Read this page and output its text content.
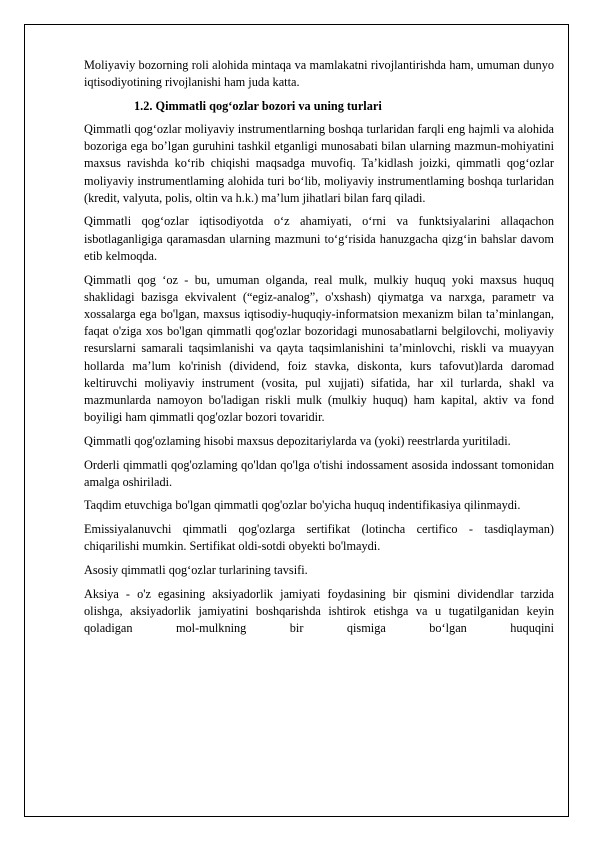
Moliyaviy bozorning roli alohida mintaqa va mamlakatni rivojlantirishda ham, umuman dunyo iqtisodiyotining rivojlanishi ham juda katta.

1.2. Qimmatli qog‘ozlar bozori va uning turlari

Qimmatli qog‘ozlar moliyaviy instrumentlarning boshqa turlaridan farqli eng hajmli va alohida bozoriga ega bo’lgan guruhini tashkil etganligi munosabati bilan ularning mazmun-mohiyatini maxsus ravishda ko‘rib chiqishi maqsadga muvofiq. Ta’kidlash joizki, qimmatli qog‘ozlar moliyaviy instrumentlaming alohida turi bo‘lib, moliyaviy instrumentlaming boshqa turlaridan (kredit, valyuta, polis, oltin va h.k.) ma’lum jihatlari bilan farq qiladi.

Qimmatli qog‘ozlar iqtisodiyotda o‘z ahamiyati, o‘rni va funktsiyalarini allaqachon isbotlaganligiga qaramasdan ularning mazmuni to‘g‘risida hanuzgacha qizg‘in bahslar davom etib kelmoqda.

Qimmatli qog ‘oz - bu, umuman olganda, real mulk, mulkiy huquq yoki maxsus huquq shaklidagi bazisga ekvivalent (“egiz-analog”, o'xshash) qiymatga va narxga, parametr va xossalarga ega bo'lgan, maxsus iqtisodiy-huquqiy-informatsion mexanizm bilan ta’minlangan, faqat o'ziga xos bo'lgan qimmatli qog'ozlar bozoridagi munosabatlarni belgilovchi, moliyaviy resurslarni samarali taqsimlanishi va qayta taqsimlanishini ta’minlovchi, riskli va muayyan hollarda ma’lum ko'rinish (dividend, foiz stavka, diskonta, kurs tafovut)larda daromad keltiruvchi moliyaviy instrument (vosita, pul xujjati) sifatida, har xil turlarda, shakl va mazmunlarda namoyon bo'ladigan riskli mulk (mulkiy huquq) ham kapital, aktiv va fond boyiligi ham qimmatli qog'ozlar bozori tovaridir.

Qimmatli qog'ozlaming hisobi maxsus depozitariylarda va (yoki) reestrlarda yuritiladi.

Orderli qimmatli qog'ozlaming qo'ldan qo'lga o'tishi indossament asosida indossant tomonidan amalga oshiriladi.

Taqdim etuvchiga bo'lgan qimmatli qog'ozlar bo'yicha huquq indentifikasiya qilinmaydi.

Emissiyalanuvchi qimmatli qog'ozlarga sertifikat (lotincha certifico - tasdiqlayman) chiqarilishi mumkin. Sertifikat oldi-sotdi obyekti bo'lmaydi.

Asosiy qimmatli qog‘ozlar turlarining tavsifi.

Aksiya - o'z egasining aksiyadorlik jamiyati foydasining bir qismini dividendlar tarzida olishga, aksiyadorlik jamiyatini boshqarishda ishtirok etishga va u tugatilganidan keyin qoladigan mol-mulkning bir qismiga bo‘lgan huquqini
